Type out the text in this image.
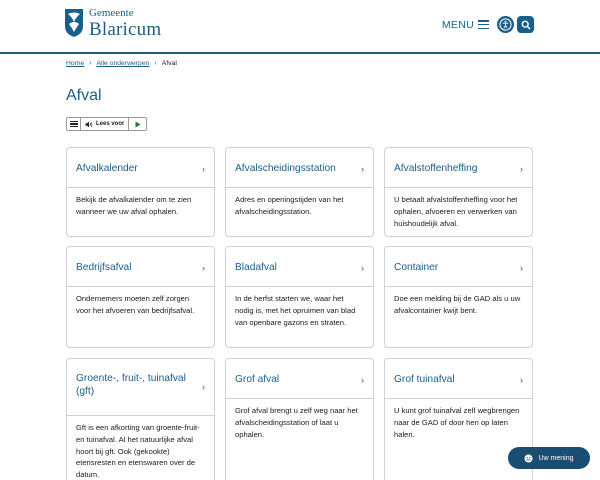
Gemeente
Blaricum	MENU
Home › Alle onderwerpen › Afval
Afval
Lees voor
Afvalkalender	›

Bekijk de afvalkalender om te zien wanneer we uw afval ophalen.

Afvalscheidingsstation	›

Adres en openingstijden van het afvalscheidingsstation.

Afvalstoffenheffing	›

U betaalt afvalstoffenheffing voor het ophalen, afvoeren en verwerken van huishoudelijk afval.

Bedrijfsafval	›

Ondernemers moeten zelf zorgen voor het afvoeren van bedrijfsafval.

Bladafval	›

In de herfst starten we, waar het nodig is, met het opruimen van blad van openbare gazons en straten.

Container	›

Doe een melding bij de GAD als u uw afvalcontainer kwijt bent.

Groente-, fruit-, tuinafval (gft)	›

Gft is een afkorting van groente-fruit- en tuinafval. Al het natuurlijke afval hoort bij gft. Ook (gekookte) etensresten en etenswaren over de datum.

Grof afval	›

Grof afval brengt u zelf weg naar het afvalscheidingsstation of laat u ophalen.

Grof tuinafval	›

U kunt grof tuinafval zelf wegbrengen naar de GAD of door hen op laten halen.

Uw mening
